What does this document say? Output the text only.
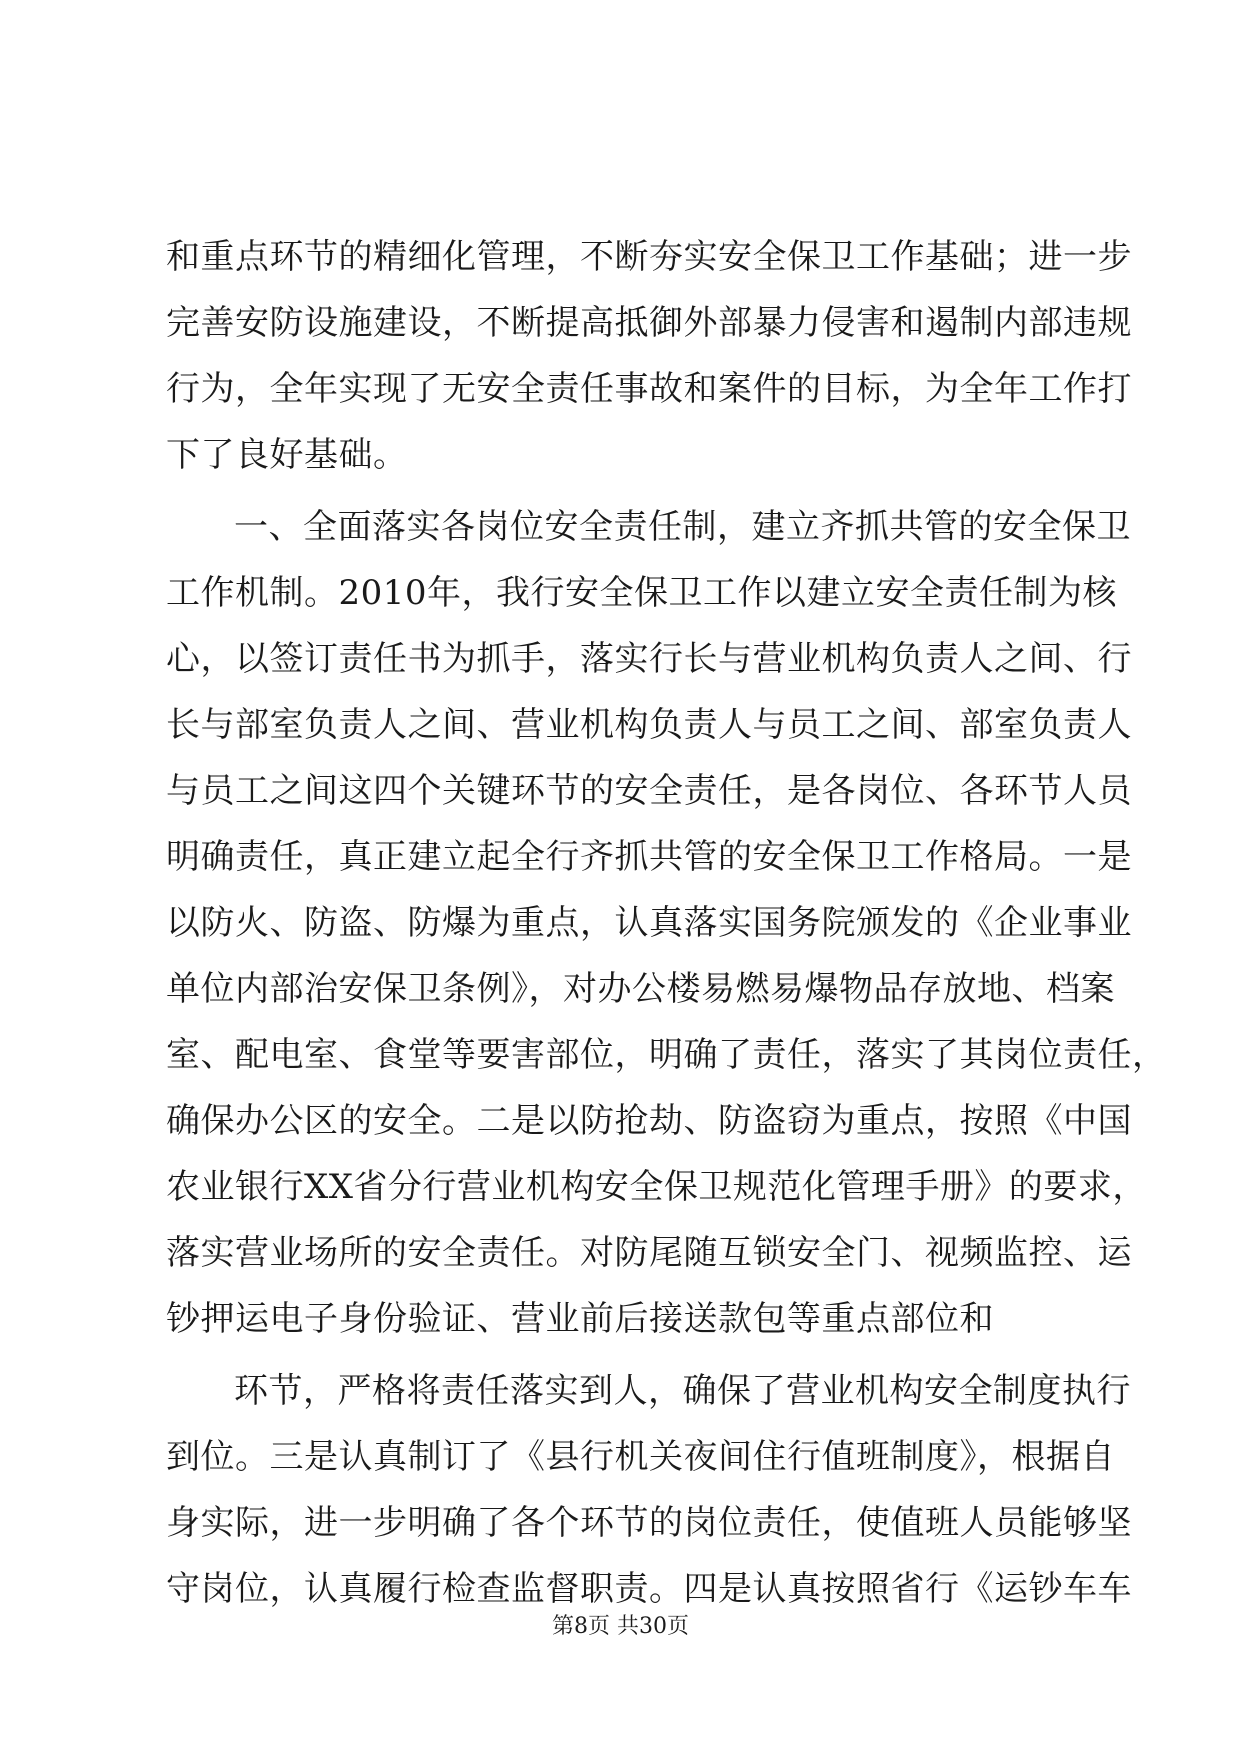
和重点环节的精细化管理，不断夯实安全保卫工作基础；进一步
完善安防设施建设，不断提高抵御外部暴力侵害和遏制内部违规
行为，全年实现了无安全责任事故和案件的目标，为全年工作打
下了良好基础。
一、全面落实各岗位安全责任制，建立齐抓共管的安全保卫
工作机制。2010年，我行安全保卫工作以建立安全责任制为核
心，以签订责任书为抓手，落实行长与营业机构负责人之间、行
长与部室负责人之间、营业机构负责人与员工之间、部室负责人
与员工之间这四个关键环节的安全责任，是各岗位、各环节人员
明确责任，真正建立起全行齐抓共管的安全保卫工作格局。一是
以防火、防盗、防爆为重点，认真落实国务院颁发的《企业事业
单位内部治安保卫条例》，对办公楼易燃易爆物品存放地、档案
室、配电室、食堂等要害部位，明确了责任，落实了其岗位责任，
确保办公区的安全。二是以防抢劫、防盗窃为重点，按照《中国
农业银行XX省分行营业机构安全保卫规范化管理手册》的要求，
落实营业场所的安全责任。对防尾随互锁安全门、视频监控、运
钞押运电子身份验证、营业前后接送款包等重点部位和
环节，严格将责任落实到人，确保了营业机构安全制度执行
到位。三是认真制订了《县行机关夜间住行值班制度》，根据自
身实际，进一步明确了各个环节的岗位责任，使值班人员能够坚
守岗位，认真履行检查监督职责。四是认真按照省行《运钞车车
第8页 共30页
